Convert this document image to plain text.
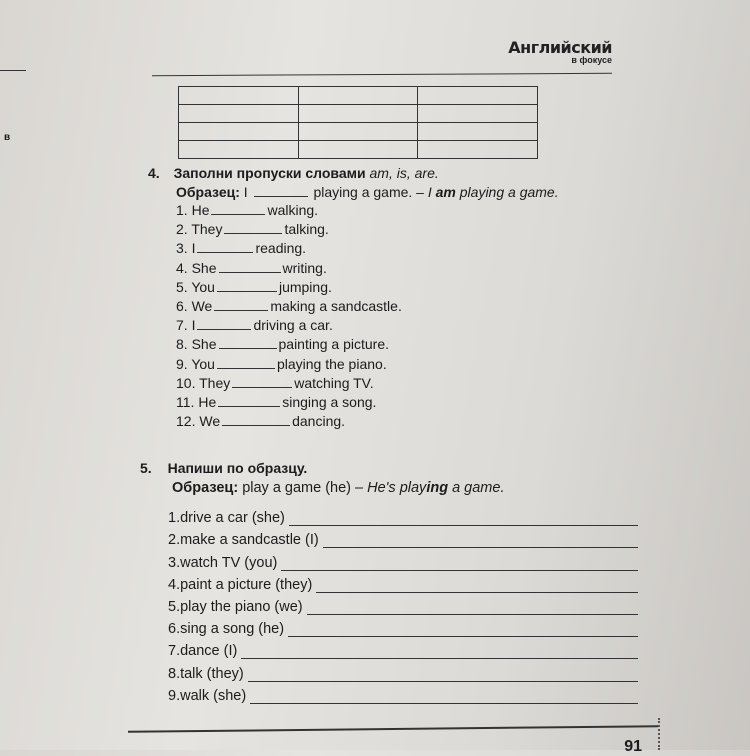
Английский
в фокусе

в
4. Заполни пропуски словами am, is, are.
Образец: I	playing a game. – I am playing a game.
1. He	walking.
2. They	talking.
3. I	reading.
4. She	writing.
5. You	jumping.
6. We	making a sandcastle.
7. I	driving a car.
8. She	painting a picture.
9. You	playing the piano.
10. They	watching TV.
11. He	singing a song.
12. We	dancing.
5. Напиши по образцу.
Образец: play a game (he) – He's playing a game.
1.drive a car (she)
2.make a sandcastle (I)
3.watch TV (you)
4.paint a picture (they)
5.play the piano (we)
6.sing a song (he)
7.dance (I)
8.talk (they)
9.walk (she)
91
